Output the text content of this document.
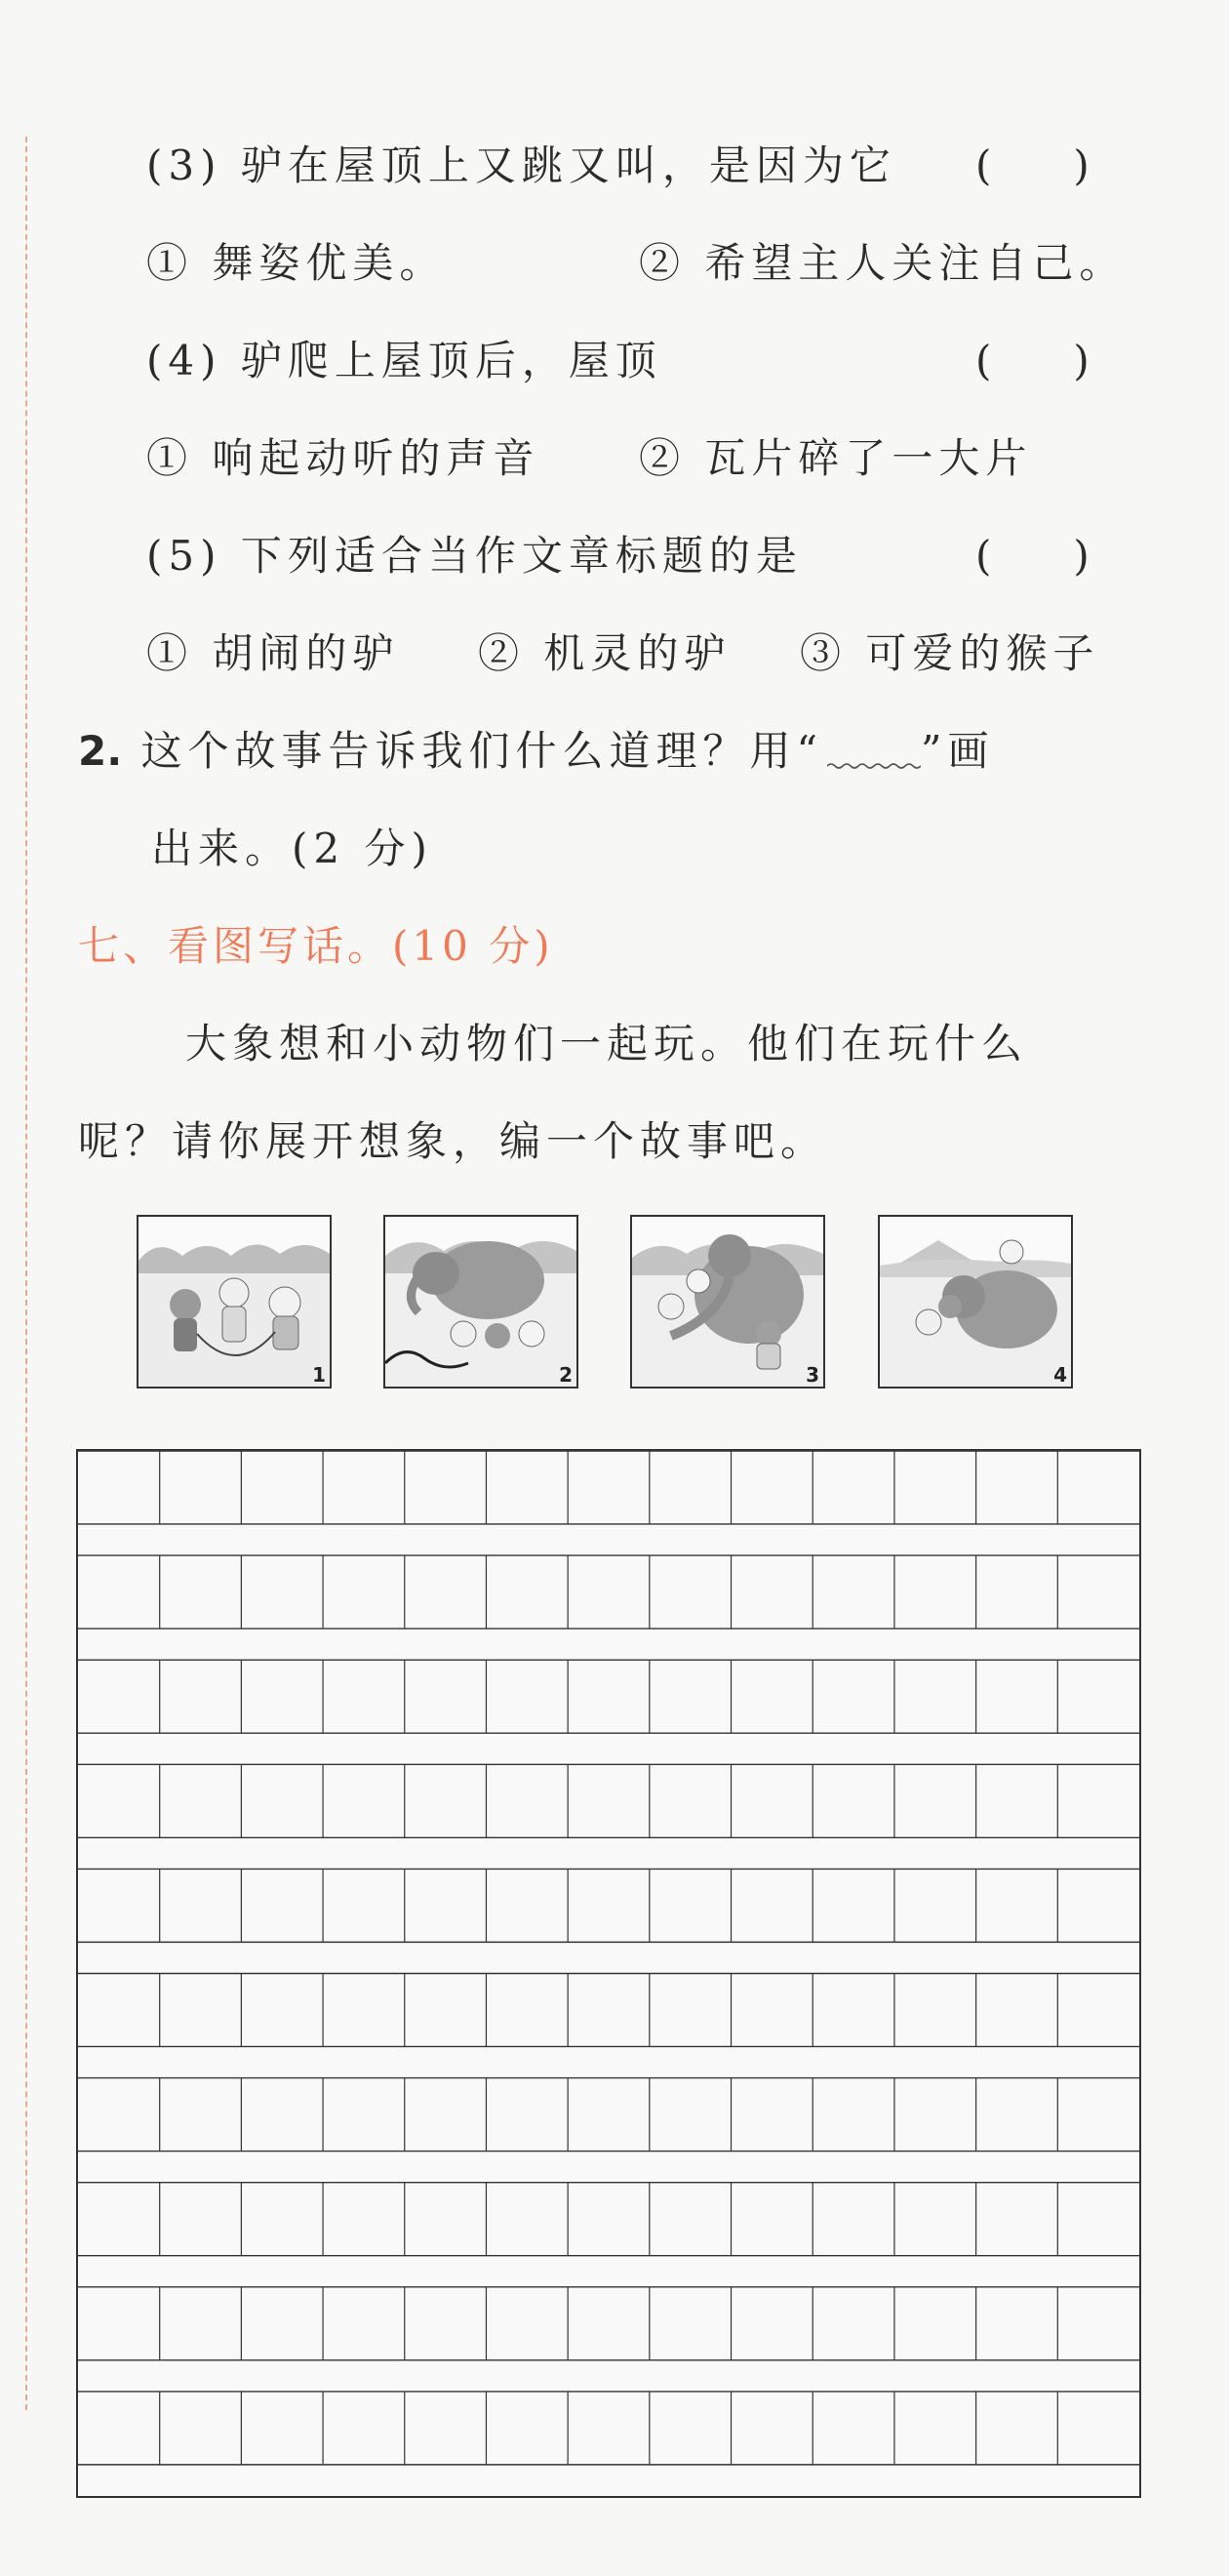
(3) 驴在屋顶上又跳又叫，是因为它 (　　)
① 舞姿优美。	② 希望主人关注自己。
(4) 驴爬上屋顶后，屋顶	(　　)
① 响起动听的声音 ② 瓦片碎了一大片
(5) 下列适合当作文章标题的是	(　　)
① 胡闹的驴 ② 机灵的驴 ③ 可爱的猴子
2. 这个故事告诉我们什么道理？用“ ”画
出来。(2 分)
七、看图写话。(10 分)
大象想和小动物们一起玩。他们在玩什么
呢？请你展开想象，编一个故事吧。
1	2	3	4
